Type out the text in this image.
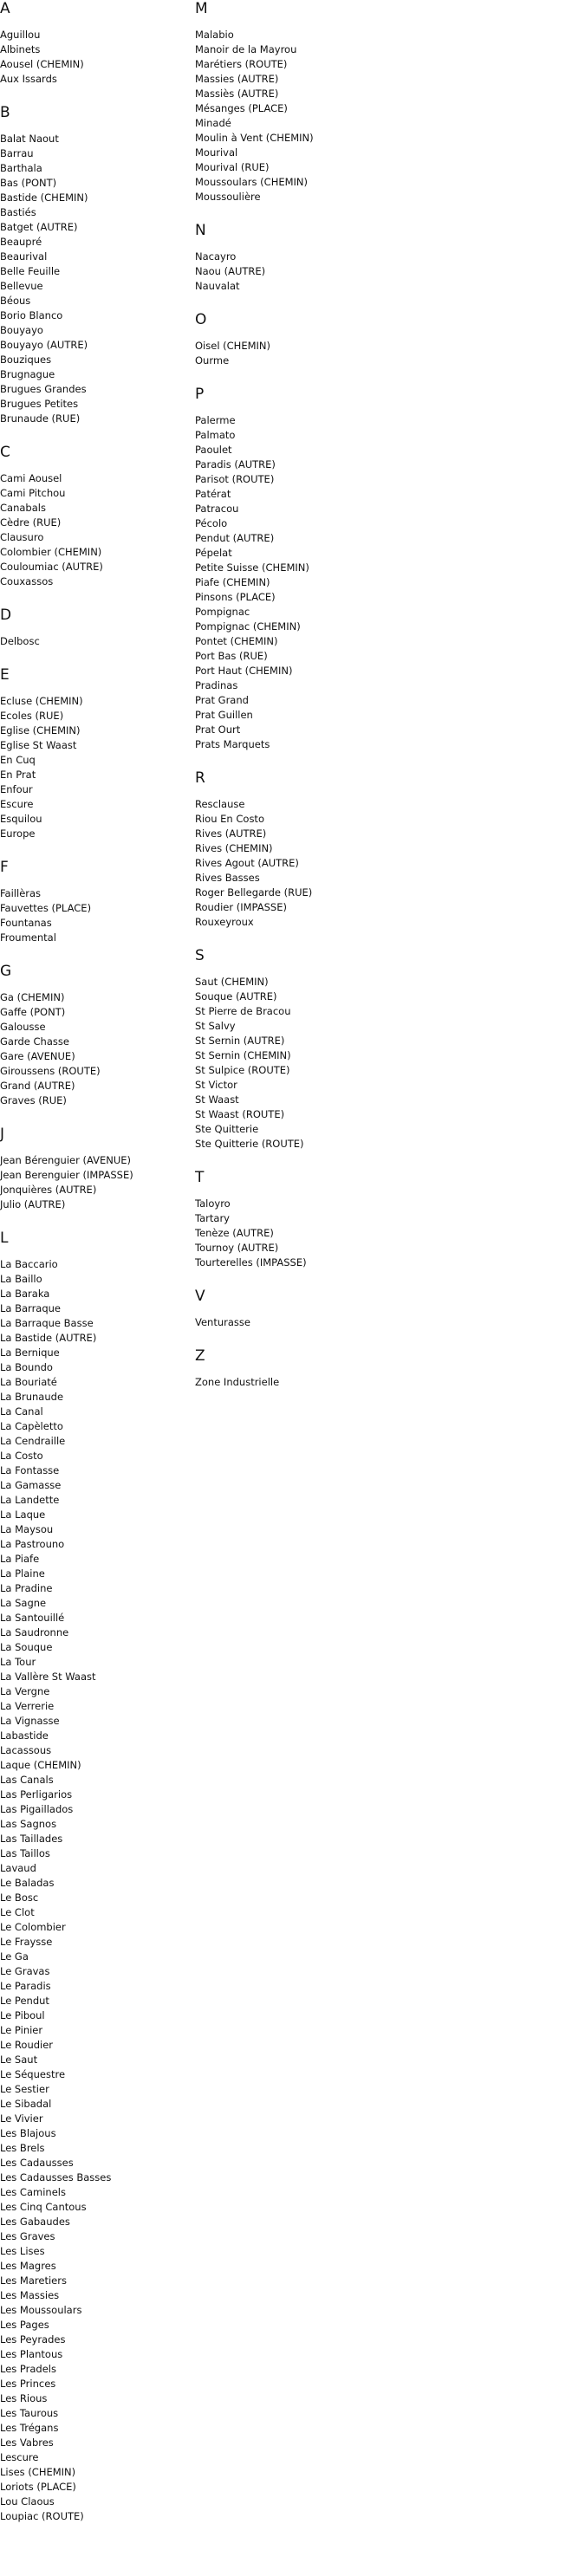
A
Aguillou
Albinets
Aousel (CHEMIN)
Aux Issards
B
Balat Naout
Barrau
Barthala
Bas (PONT)
Bastide (CHEMIN)
Bastiés
Batget (AUTRE)
Beaupré
Beaurival
Belle Feuille
Bellevue
Béous
Borio Blanco
Bouyayo
Bouyayo (AUTRE)
Bouziques
Brugnague
Brugues Grandes
Brugues Petites
Brunaude (RUE)
C
Cami Aousel
Cami Pitchou
Canabals
Cèdre (RUE)
Clausuro
Colombier (CHEMIN)
Couloumiac (AUTRE)
Couxassos
D
Delbosc
E
Ecluse (CHEMIN)
Ecoles (RUE)
Eglise (CHEMIN)
Eglise St Waast
En Cuq
En Prat
Enfour
Escure
Esquilou
Europe
F
Faillèras
Fauvettes (PLACE)
Fountanas
Froumental
G
Ga (CHEMIN)
Gaffe (PONT)
Galousse
Garde Chasse
Gare (AVENUE)
Giroussens (ROUTE)
Grand (AUTRE)
Graves (RUE)
J
Jean Bérenguier (AVENUE)
Jean Berenguier (IMPASSE)
Jonquières (AUTRE)
Julio (AUTRE)
L
La Baccario
La Baillo
La Baraka
La Barraque
La Barraque Basse
La Bastide (AUTRE)
La Bernique
La Boundo
La Bouriaté
La Brunaude
La Canal
La Capèletto
La Cendraille
La Costo
La Fontasse
La Gamasse
La Landette
La Laque
La Maysou
La Pastrouno
La Piafe
La Plaine
La Pradine
La Sagne
La Santouillé
La Saudronne
La Souque
La Tour
La Vallère St Waast
La Vergne
La Verrerie
La Vignasse
Labastide
Lacassous
Laque (CHEMIN)
Las Canals
Las Perligarios
Las Pigaillados
Las Sagnos
Las Taillades
Las Taillos
Lavaud
Le Baladas
Le Bosc
Le Clot
Le Colombier
Le Fraysse
Le Ga
Le Gravas
Le Paradis
Le Pendut
Le Piboul
Le Pinier
Le Roudier
Le Saut
Le Séquestre
Le Sestier
Le Sibadal
Le Vivier
Les Blajous
Les Brels
Les Cadausses
Les Cadausses Basses
Les Caminels
Les Cinq Cantous
Les Gabaudes
Les Graves
Les Lises
Les Magres
Les Maretiers
Les Massies
Les Moussoulars
Les Pages
Les Peyrades
Les Plantous
Les Pradels
Les Princes
Les Rious
Les Taurous
Les Trégans
Les Vabres
Lescure
Lises (CHEMIN)
Loriots (PLACE)
Lou Claous
Loupiac (ROUTE)
M
Malabio
Manoir de la Mayrou
Marétiers (ROUTE)
Massies (AUTRE)
Massiès (AUTRE)
Mésanges (PLACE)
Minadé
Moulin à Vent (CHEMIN)
Mourival
Mourival (RUE)
Moussoulars (CHEMIN)
Moussoulière
N
Nacayro
Naou (AUTRE)
Nauvalat
O
Oisel (CHEMIN)
Ourme
P
Palerme
Palmato
Paoulet
Paradis (AUTRE)
Parisot (ROUTE)
Patérat
Patracou
Pécolo
Pendut (AUTRE)
Pépelat
Petite Suisse (CHEMIN)
Piafe (CHEMIN)
Pinsons (PLACE)
Pompignac
Pompignac (CHEMIN)
Pontet (CHEMIN)
Port Bas (RUE)
Port Haut (CHEMIN)
Pradinas
Prat Grand
Prat Guillen
Prat Ourt
Prats Marquets
R
Resclause
Riou En Costo
Rives (AUTRE)
Rives (CHEMIN)
Rives Agout (AUTRE)
Rives Basses
Roger Bellegarde (RUE)
Roudier (IMPASSE)
Rouxeyroux
S
Saut (CHEMIN)
Souque (AUTRE)
St Pierre de Bracou
St Salvy
St Sernin (AUTRE)
St Sernin (CHEMIN)
St Sulpice (ROUTE)
St Victor
St Waast
St Waast (ROUTE)
Ste Quitterie
Ste Quitterie (ROUTE)
T
Taloyro
Tartary
Tenèze (AUTRE)
Tournoy (AUTRE)
Tourterelles (IMPASSE)
V
Venturasse
Z
Zone Industrielle
